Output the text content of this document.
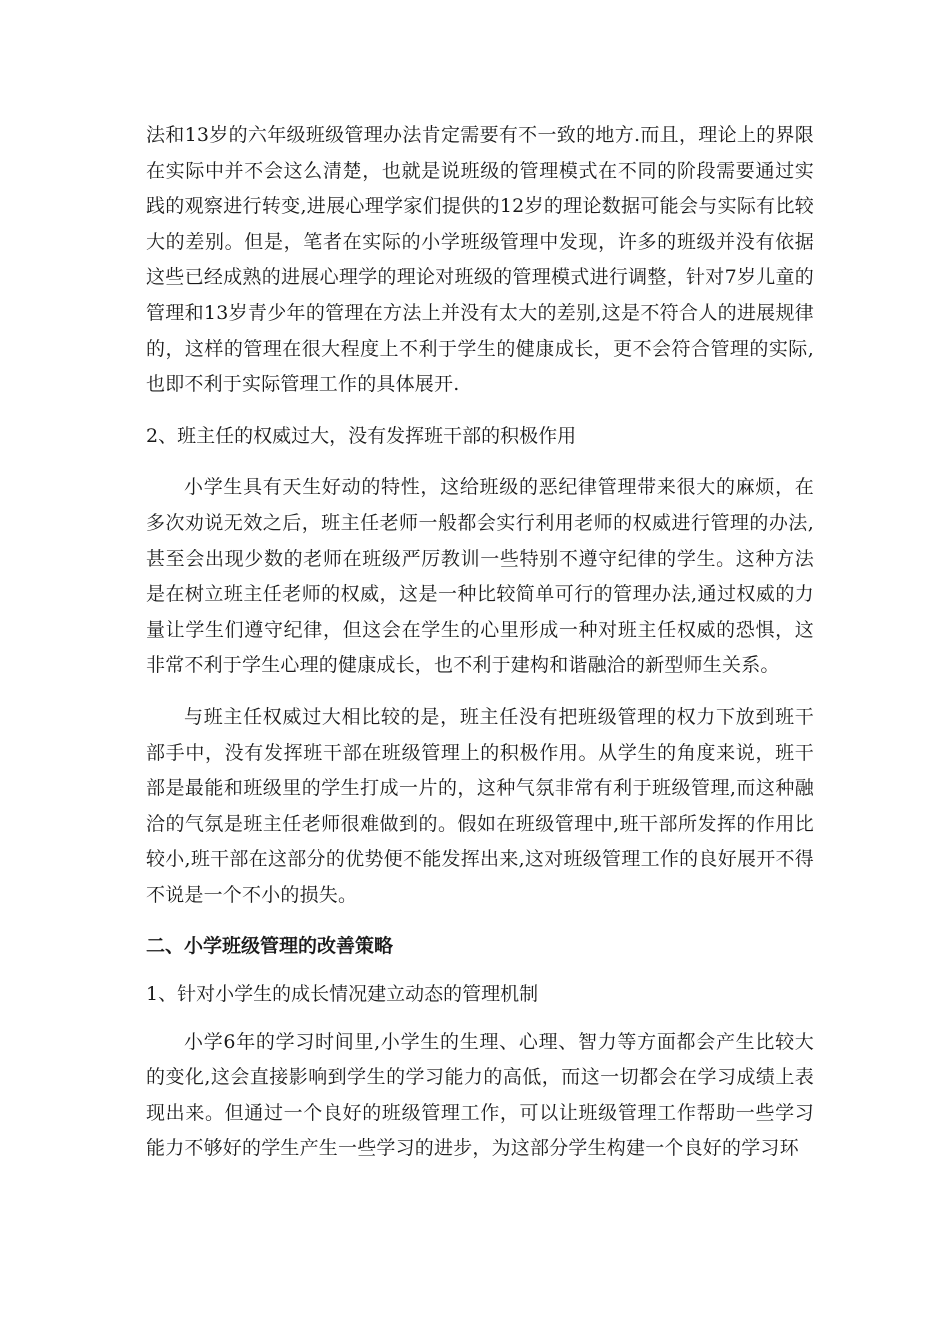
法和13岁的六年级班级管理办法肯定需要有不一致的地方.而且，理论上的界限在实际中并不会这么清楚，也就是说班级的管理模式在不同的阶段需要通过实践的观察进行转变,进展心理学家们提供的12岁的理论数据可能会与实际有比较大的差别。但是，笔者在实际的小学班级管理中发现，许多的班级并没有依据这些已经成熟的进展心理学的理论对班级的管理模式进行调整，针对7岁儿童的管理和13岁青少年的管理在方法上并没有太大的差别,这是不符合人的进展规律的，这样的管理在很大程度上不利于学生的健康成长，更不会符合管理的实际,也即不利于实际管理工作的具体展开.

2、班主任的权威过大，没有发挥班干部的积极作用

小学生具有天生好动的特性，这给班级的恶纪律管理带来很大的麻烦，在多次劝说无效之后，班主任老师一般都会实行利用老师的权威进行管理的办法,甚至会出现少数的老师在班级严厉教训一些特别不遵守纪律的学生。这种方法是在树立班主任老师的权威，这是一种比较简单可行的管理办法,通过权威的力量让学生们遵守纪律，但这会在学生的心里形成一种对班主任权威的恐惧，这非常不利于学生心理的健康成长，也不利于建构和谐融洽的新型师生关系。

与班主任权威过大相比较的是，班主任没有把班级管理的权力下放到班干部手中，没有发挥班干部在班级管理上的积极作用。从学生的角度来说，班干部是最能和班级里的学生打成一片的，这种气氛非常有利于班级管理,而这种融洽的气氛是班主任老师很难做到的。假如在班级管理中,班干部所发挥的作用比较小,班干部在这部分的优势便不能发挥出来,这对班级管理工作的良好展开不得不说是一个不小的损失。

二、小学班级管理的改善策略

1、针对小学生的成长情况建立动态的管理机制

小学6年的学习时间里,小学生的生理、心理、智力等方面都会产生比较大的变化,这会直接影响到学生的学习能力的高低，而这一切都会在学习成绩上表现出来。但通过一个良好的班级管理工作，可以让班级管理工作帮助一些学习能力不够好的学生产生一些学习的进步，为这部分学生构建一个良好的学习环
